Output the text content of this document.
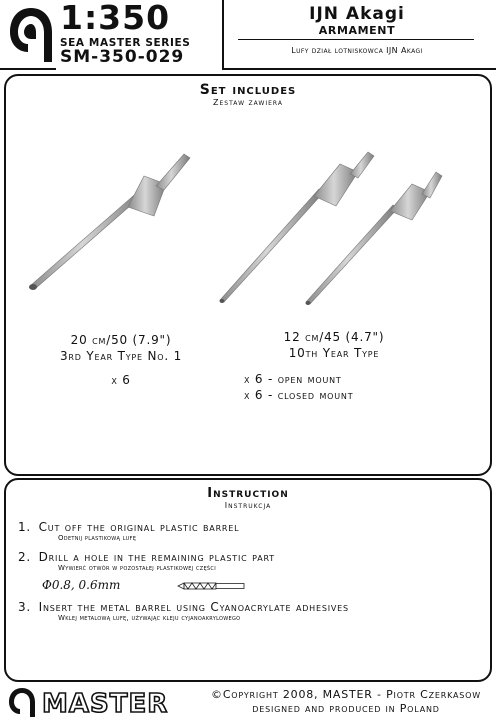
1:350
SEA MASTER SERIES
SM-350-029
IJN Akagi
ARMAMENT
Lufy dział lotniskowca IJN Akagi
Set includes
Zestaw zawiera
20 cm/50 (7.9")
3rd Year Type No. 1
x 6
12 cm/45 (4.7")
10th Year Type
x 6 - open mount
x 6 - closed mount
Instruction
Instrukcja
1. Cut off the original plastic barrel
Odetnij plastikową lufę
2. Drill a hole in the remaining plastic part
Wywierć otwór w pozostałej plastikowej części
Φ0.8, 0.6mm
3. Insert the metal barrel using Cyanoacrylate adhesives
Wklej metalową lufę, używając kleju cyjanoakrylowego
MASTER	©Copyright 2008, MASTER - Piotr Czerkasow
designed and produced in Poland
